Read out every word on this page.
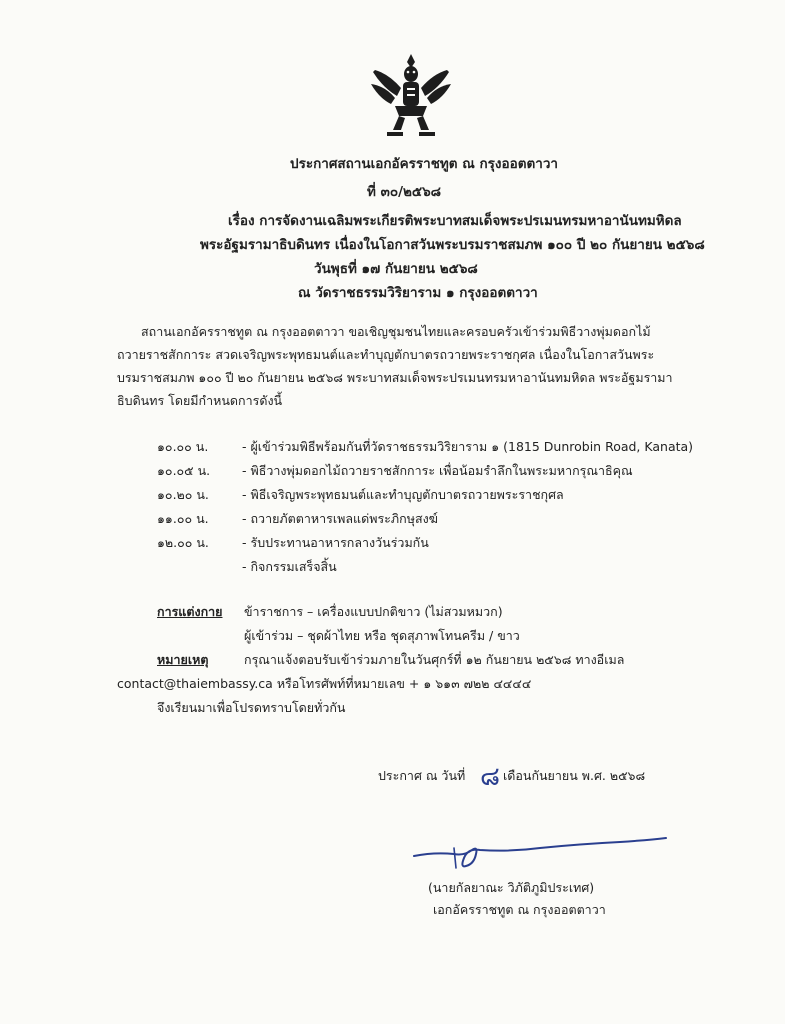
ประกาศสถานเอกอัครราชทูต ณ กรุงออตตาวา
ที่ ๓๐/๒๕๖๘
เรื่อง การจัดงานเฉลิมพระเกียรติพระบาทสมเด็จพระปรเมนทรมหาอานันทมหิดล
พระอัฐมรามาธิบดินทร เนื่องในโอกาสวันพระบรมราชสมภพ ๑๐๐ ปี ๒๐ กันยายน ๒๕๖๘
วันพุธที่ ๑๗ กันยายน ๒๕๖๘
ณ วัดราชธรรมวิริยาราม ๑ กรุงออตตาวา
สถานเอกอัครราชทูต ณ กรุงออตตาวา ขอเชิญชุมชนไทยและครอบครัวเข้าร่วมพิธีวางพุ่มดอกไม้ถวายราชสักการะ สวดเจริญพระพุทธมนต์และทำบุญตักบาตรถวายพระราชกุศล เนื่องในโอกาสวันพระบรมราชสมภพ ๑๐๐ ปี ๒๐ กันยายน ๒๕๖๘ พระบาทสมเด็จพระปรเมนทรมหาอานันทมหิดล พระอัฐมรามาธิบดินทร โดยมีกำหนดการดังนี้
๑๐.๐๐ น.	- ผู้เข้าร่วมพิธีพร้อมกันที่วัดราชธรรมวิริยาราม ๑ (1815 Dunrobin Road, Kanata)
๑๐.๐๕ น.	- พิธีวางพุ่มดอกไม้ถวายราชสักการะ เพื่อน้อมรำลึกในพระมหากรุณาธิคุณ
๑๐.๒๐ น.	- พิธีเจริญพระพุทธมนต์และทำบุญตักบาตรถวายพระราชกุศล
๑๑.๐๐ น.	- ถวายภัตตาหารเพลแด่พระภิกษุสงฆ์
๑๒.๐๐ น.	- รับประทานอาหารกลางวันร่วมกัน
- กิจกรรมเสร็จสิ้น
การแต่งกาย ข้าราชการ – เครื่องแบบปกติขาว (ไม่สวมหมวก)
ผู้เข้าร่วม – ชุดผ้าไทย หรือ ชุดสุภาพโทนครีม / ขาว
หมายเหตุ	กรุณาแจ้งตอบรับเข้าร่วมภายในวันศุกร์ที่ ๑๒ กันยายน ๒๕๖๘ ทางอีเมล
contact@thaiembassy.ca หรือโทรศัพท์ที่หมายเลข + ๑ ๖๑๓ ๗๒๒ ๔๔๔๔
จึงเรียนมาเพื่อโปรดทราบโดยทั่วกัน
ประกาศ ณ วันที่ ๘ เดือนกันยายน พ.ศ. ๒๕๖๘
(นายกัลยาณะ วิภัติภูมิประเทศ)
เอกอัครราชทูต ณ กรุงออตตาวา
